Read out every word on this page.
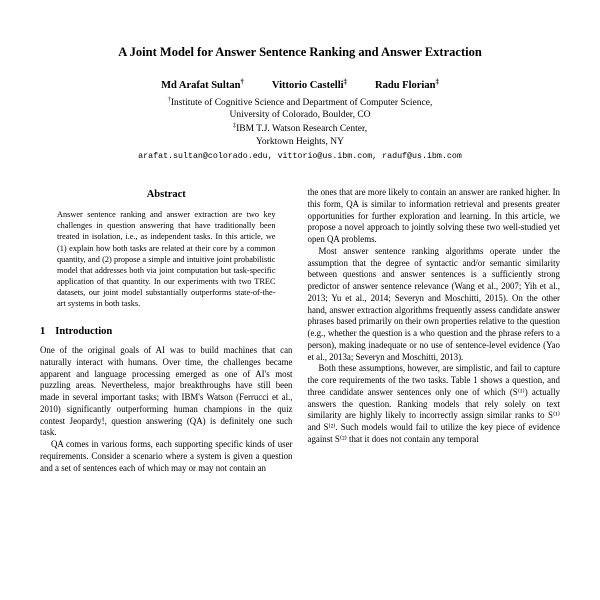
A Joint Model for Answer Sentence Ranking and Answer Extraction
Md Arafat Sultan†	Vittorio Castelli‡	Radu Florian‡
†Institute of Cognitive Science and Department of Computer Science,
University of Colorado, Boulder, CO
‡IBM T.J. Watson Research Center,
Yorktown Heights, NY
arafat.sultan@colorado.edu, vittorio@us.ibm.com, raduf@us.ibm.com
Abstract
Answer sentence ranking and answer extraction are two key challenges in question answering that have traditionally been treated in isolation, i.e., as independent tasks. In this article, we (1) explain how both tasks are related at their core by a common quantity, and (2) propose a simple and intuitive joint probabilistic model that addresses both via joint computation but task-specific application of that quantity. In our experiments with two TREC datasets, our joint model substantially outperforms state-of-the-art systems in both tasks.
1 Introduction

One of the original goals of AI was to build machines that can naturally interact with humans. Over time, the challenges became apparent and language processing emerged as one of AI's most puzzling areas. Nevertheless, major breakthroughs have still been made in several important tasks; with IBM's Watson (Ferrucci et al., 2010) significantly outperforming human champions in the quiz contest Jeopardy!, question answering (QA) is definitely one such task.

QA comes in various forms, each supporting specific kinds of user requirements. Consider a scenario where a system is given a question and a set of sentences each of which may or may not contain an

the ones that are more likely to contain an answer are ranked higher. In this form, QA is similar to information retrieval and presents greater opportunities for further exploration and learning. In this article, we propose a novel approach to jointly solving these two well-studied yet open QA problems.

Most answer sentence ranking algorithms operate under the assumption that the degree of syntactic and/or semantic similarity between questions and answer sentences is a sufficiently strong predictor of answer sentence relevance (Wang et al., 2007; Yih et al., 2013; Yu et al., 2014; Severyn and Moschitti, 2015). On the other hand, answer extraction algorithms frequently assess candidate answer phrases based primarily on their own properties relative to the question (e.g., whether the question is a who question and the phrase refers to a person), making inadequate or no use of sentence-level evidence (Yao et al., 2013a; Severyn and Moschitti, 2013).

Both these assumptions, however, are simplistic, and fail to capture the core requirements of the two tasks. Table 1 shows a question, and three candidate answer sentences only one of which (S⁽¹⁾) actually answers the question. Ranking models that rely solely on text similarity are highly likely to incorrectly assign similar ranks to S⁽¹⁾ and S⁽²⁾. Such models would fail to utilize the key piece of evidence against S⁽²⁾ that it does not contain any temporal
